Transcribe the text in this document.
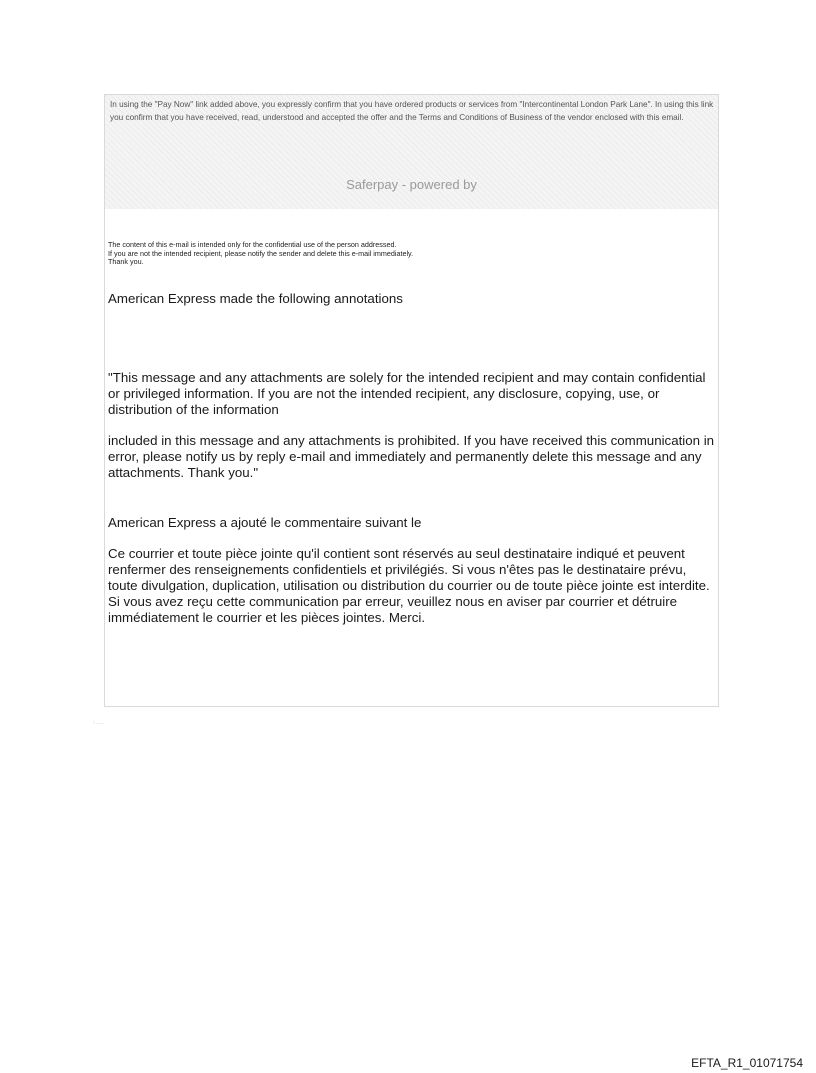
In using the "Pay Now" link added above, you expressly confirm that you have ordered products or services from "Intercontinental London Park Lane". In using this link you confirm that you have received, read, understood and accepted the offer and the Terms and Conditions of Business of the vendor enclosed with this email.

Saferpay - powered by

The content of this e-mail is intended only for the confidential use of the person addressed.

If you are not the intended recipient, please notify the sender and delete this e-mail immediately.

Thank you.

American Express made the following annotations

"This message and any attachments are solely for the intended recipient and may contain confidential or privileged information. If you are not the intended recipient, any disclosure, copying, use, or distribution of the information

included in this message and any attachments is prohibited. If you have received this communication in error, please notify us by reply e-mail and immediately and permanently delete this message and any attachments. Thank you."

American Express a ajouté le commentaire suivant le

Ce courrier et toute pièce jointe qu'il contient sont réservés au seul destinataire indiqué et peuvent renfermer des renseignements confidentiels et privilégiés. Si vous n'êtes pas le destinataire prévu, toute divulgation, duplication, utilisation ou distribution du courrier ou de toute pièce jointe est interdite. Si vous avez reçu cette communication par erreur, veuillez nous en aviser par courrier et détruire immédiatement le courrier et les pièces jointes. Merci.

'......

EFTA_R1_01071754
